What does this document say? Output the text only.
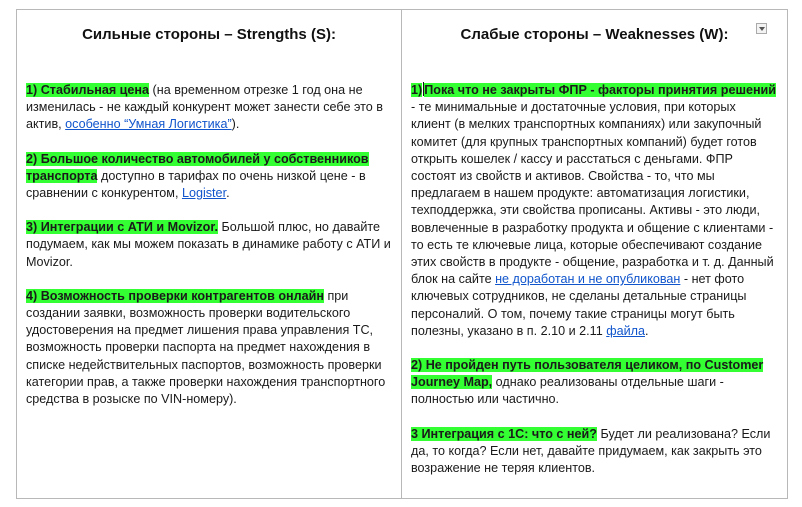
Сильные стороны – Strengths (S):

1) Стабильная цена (на временном отрезке 1 год она не изменилась - не каждый конкурент может занести себе это в актив, особенно “Умная Логистика”).

2) Большое количество автомобилей у собственников транспорта доступно в тарифах по очень низкой цене - в сравнении с конкурентом, Logister.

3) Интеграции с АТИ и Movizor. Большой плюс, но давайте подумаем, как мы можем показать в динамике работу с АТИ и Movizor.

4) Возможность проверки контрагентов онлайн при создании заявки, возможность проверки водительского удостоверения на предмет лишения права управления ТС, возможность проверки паспорта на предмет нахождения в списке недействительных паспортов, возможность проверки категории прав, а также проверки нахождения транспортного средства в розыске по VIN-номеру).

Слабые стороны – Weaknesses (W):

1) Пока что не закрыты ФПР - факторы принятия решений - те минимальные и достаточные условия, при которых клиент (в мелких транспортных компаниях) или закупочный комитет (для крупных транспортных компаний) будет готов открыть кошелек / кассу и расстаться с деньгами. ФПР состоят из свойств и активов. Свойства - то, что мы предлагаем в нашем продукте: автоматизация логистики, техподдержка, эти свойства прописаны. Активы - это люди, вовлеченные в разработку продукта и общение с клиентами - то есть те ключевые лица, которые обеспечивают создание этих свойств в продукте - общение, разработка и т. д. Данный блок на сайте не доработан и не опубликован - нет фото ключевых сотрудников, не сделаны детальные страницы персоналий. О том, почему такие страницы могут быть полезны, указано в п. 2.10 и 2.11 файла.

2) Не пройден путь пользователя целиком, по Customer Journey Map, однако реализованы отдельные шаги - полностью или частично.

3 Интеграция с 1С: что с ней? Будет ли реализована? Если да, то когда? Если нет, давайте придумаем, как закрыть это возражение не теряя клиентов.
